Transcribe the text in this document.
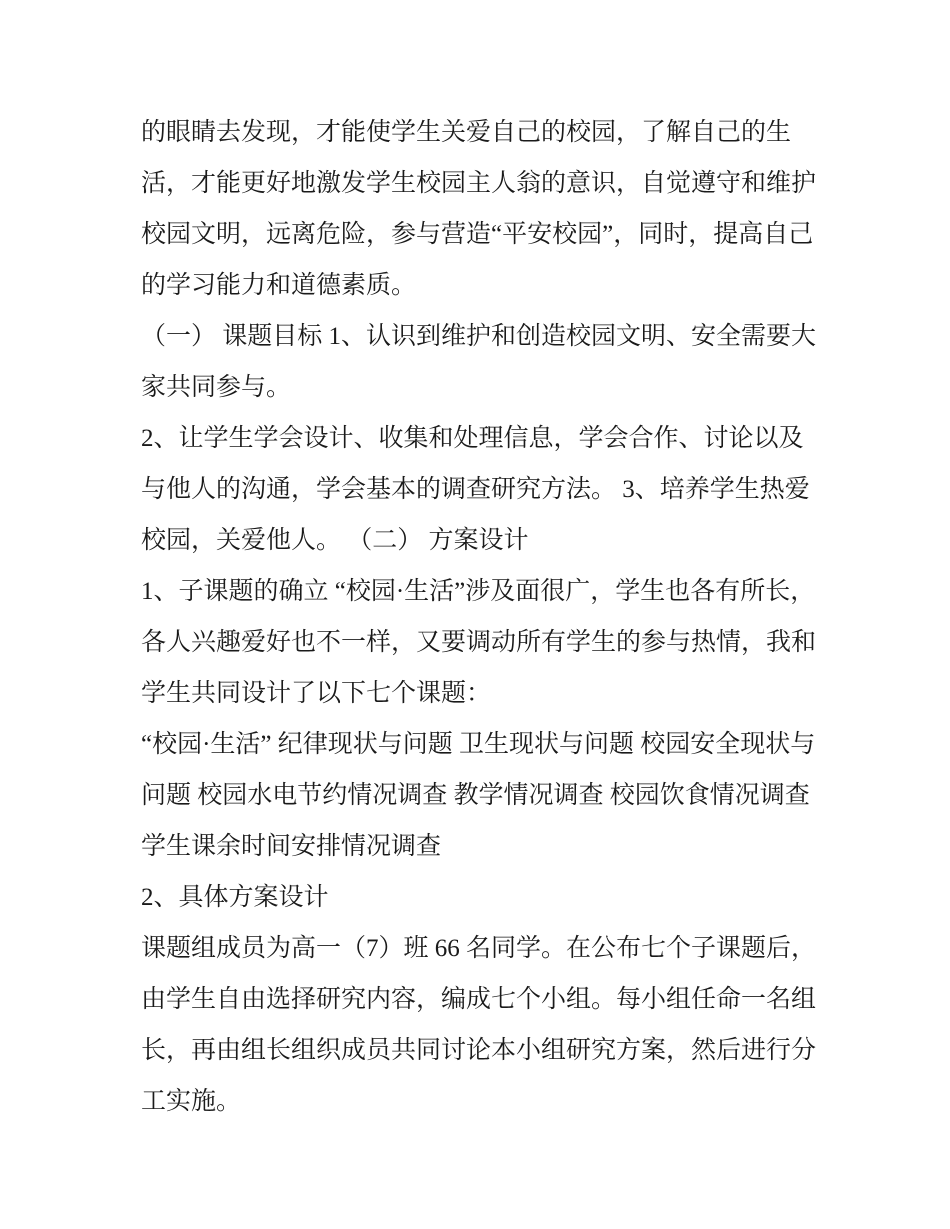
的眼睛去发现，才能使学生关爱自己的校园，了解自己的生
活，才能更好地激发学生校园主人翁的意识，自觉遵守和维护
校园文明，远离危险，参与营造“平安校园”，同时，提高自己
的学习能力和道德素质。
（一） 课题目标 1、认识到维护和创造校园文明、安全需要大
家共同参与。
2、让学生学会设计、收集和处理信息，学会合作、讨论以及
与他人的沟通，学会基本的调查研究方法。 3、培养学生热爱
校园，关爱他人。 （二） 方案设计
1、子课题的确立 “校园·生活”涉及面很广，学生也各有所长，
各人兴趣爱好也不一样，又要调动所有学生的参与热情，我和
学生共同设计了以下七个课题：
“校园·生活” 纪律现状与问题 卫生现状与问题 校园安全现状与
问题 校园水电节约情况调查 教学情况调查 校园饮食情况调查
学生课余时间安排情况调查
2、具体方案设计
课题组成员为高一（7）班 66 名同学。在公布七个子课题后，
由学生自由选择研究内容，编成七个小组。每小组任命一名组
长，再由组长组织成员共同讨论本小组研究方案，然后进行分
工实施。
